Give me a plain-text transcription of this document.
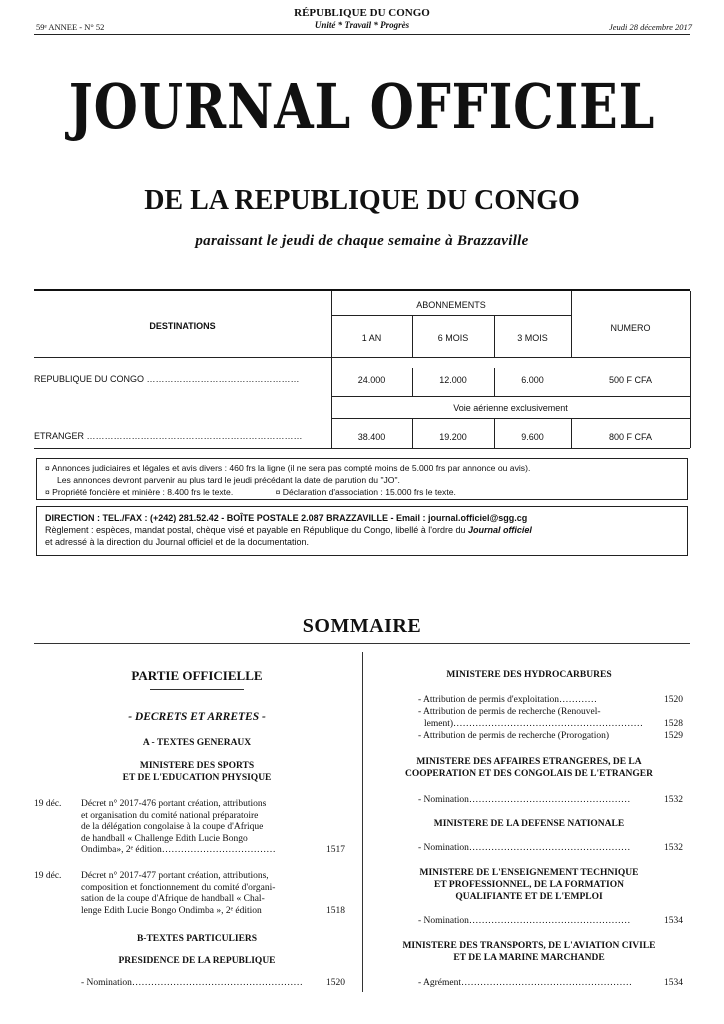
59ᵉ ANNEE - N° 52
RÉPUBLIQUE DU CONGO
Unité * Travail * Progrès	Jeudi 28 décembre 2017
JOURNAL OFFICIEL
DE LA REPUBLIQUE DU CONGO
paraissant le jeudi de chaque semaine à Brazzaville
DESTINATIONS
ABONNEMENTS
NUMERO
1 AN	6 MOIS	3 MOIS
REPUBLIQUE DU CONGO ……………………………………………	24.000	12.000	6.000	500 F CFA
Voie aérienne exclusivement
ETRANGER ………………………………………………………………	38.400	19.200	9.600	800 F CFA
¤ Annonces judiciaires et légales et avis divers : 460 frs la ligne (il ne sera pas compté moins de 5.000 frs par annonce ou avis).
Les annonces devront parvenir au plus tard le jeudi précédant la date de parution du "JO".
¤ Propriété foncière et minière : 8.400 frs le texte.	¤ Déclaration d'association : 15.000 frs le texte.
DIRECTION : TEL./FAX : (+242) 281.52.42 - BOÎTE POSTALE 2.087 BRAZZAVILLE - Email : journal.officiel@sgg.cg
Règlement : espèces, mandat postal, chèque visé et payable en République du Congo, libellé à l'ordre du Journal officiel
et adressé à la direction du Journal officiel et de la documentation.
SOMMAIRE
PARTIE OFFICIELLE
- DECRETS ET ARRETES -
A - TEXTES GENERAUX
MINISTERE DES SPORTS
ET DE L'EDUCATION PHYSIQUE
19 déc. Décret n° 2017-476 portant création, attributions
et organisation du comité national préparatoire
de la délégation congolaise à la coupe d'Afrique
de handball « Challenge Edith Lucie Bongo
Ondimba», 2ᵉ édition………………………………	1517
19 déc. Décret n° 2017-477 portant création, attributions,
composition et fonctionnement du comité d'organi-
sation de la coupe d'Afrique de handball « Chal-
lenge Edith Lucie Bongo Ondimba », 2ᵉ édition	1518
B-TEXTES PARTICULIERS
PRESIDENCE DE LA REPUBLIQUE
- Nomination………………………………………………	1520
MINISTERE DES HYDROCARBURES
- Attribution de permis d'exploitation…………	1520
- Attribution de permis de recherche (Renouvel-
lement)……………………………………………………	1528
- Attribution de permis de recherche (Prorogation)	1529
MINISTERE DES AFFAIRES ETRANGERES, DE LA
COOPERATION ET DES CONGOLAIS DE L'ETRANGER
- Nomination……………………………………………	1532
MINISTERE DE LA DEFENSE NATIONALE
- Nomination……………………………………………	1532
MINISTERE DE L'ENSEIGNEMENT TECHNIQUE
ET PROFESSIONNEL, DE LA FORMATION
QUALIFIANTE ET DE L'EMPLOI
- Nomination……………………………………………	1534
MINISTERE DES TRANSPORTS, DE L'AVIATION CIVILE
ET DE LA MARINE MARCHANDE
- Agrément………………………………………………	1534
